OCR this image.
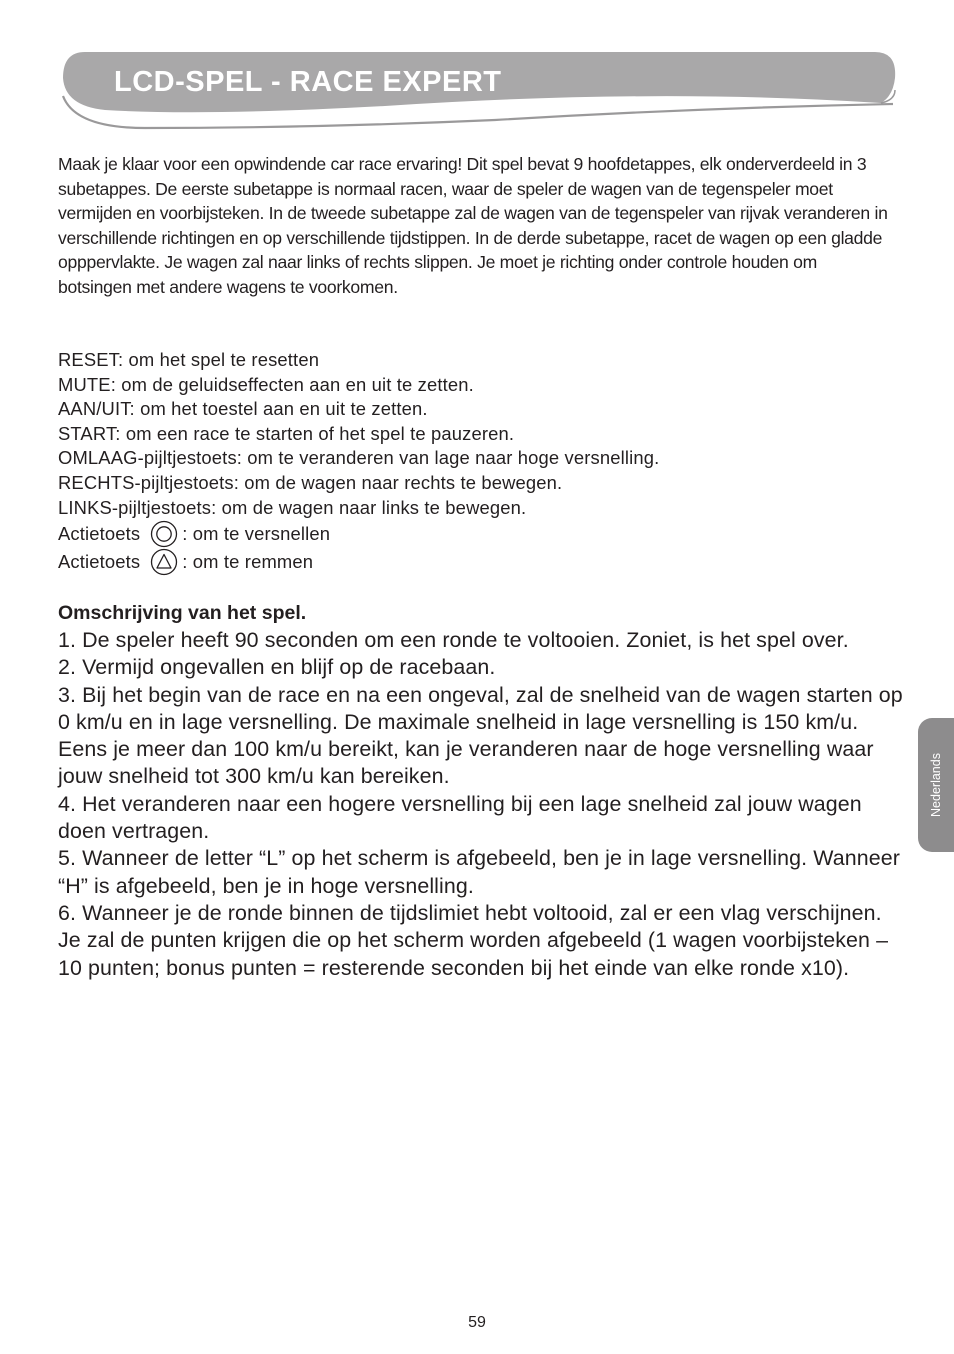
LCD-SPEL - RACE EXPERT

Maak je klaar voor een opwindende car race ervaring! Dit spel bevat 9 hoofdetappes, elk onderverdeeld in 3 subetappes. De eerste subetappe is normaal racen, waar de speler de wagen van de tegenspeler moet vermijden en voorbijsteken. In de tweede subetappe zal de wagen van de tegenspeler van rijvak veranderen in verschillende richtingen en op verschillende tijdstippen. In de derde subetappe, racet de wagen op een gladde opppervlakte. Je wagen zal naar links of rechts slippen. Je moet je richting onder controle houden om botsingen met andere wagens te voorkomen.

RESET: om het spel te resetten
MUTE: om de geluidseffecten aan en uit te zetten.
AAN/UIT: om het toestel aan en uit te zetten.
START: om een race te starten of het spel te pauzeren.
OMLAAG-pijltjestoets: om te veranderen van lage naar hoge versnelling.
RECHTS-pijltjestoets: om de wagen naar rechts te bewegen.
LINKS-pijltjestoets: om de wagen naar links te bewegen.
Actietoets : om te versnellen
Actietoets : om te remmen
Omschrijving van het spel.
1. De speler heeft 90 seconden om een ronde te voltooien. Zoniet, is het spel over.
2. Vermijd ongevallen en blijf op de racebaan.
3. Bij het begin van de race en na een ongeval, zal de snelheid van de wagen starten op 0 km/u en in lage versnelling. De maximale snelheid in lage versnelling is 150 km/u. Eens je meer dan 100 km/u bereikt, kan je veranderen naar de hoge versnelling waar jouw snelheid tot 300 km/u kan bereiken.
4. Het veranderen naar een hogere versnelling bij een lage snelheid zal jouw wagen doen vertragen.
5. Wanneer de letter “L” op het scherm is afgebeeld, ben je in lage versnelling. Wanneer “H” is afgebeeld, ben je in hoge versnelling.
6. Wanneer je de ronde binnen de tijdslimiet hebt voltooid, zal er een vlag verschijnen. Je zal de punten krijgen die op het scherm worden afgebeeld (1 wagen voorbijsteken – 10 punten; bonus punten = resterende seconden bij het einde van elke ronde x10).
Nederlands
59
